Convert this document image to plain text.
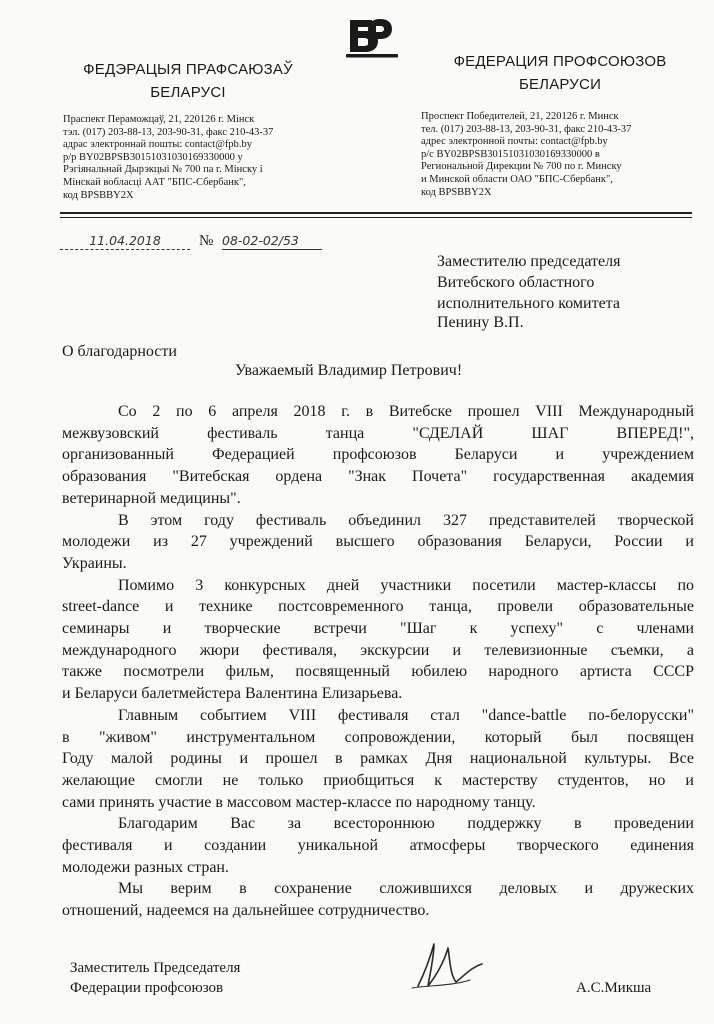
ФЕДЭРАЦЫЯ ПРАФСАЮЗАЎ
БЕЛАРУСІ
ФЕДЕРАЦИЯ ПРОФСОЮЗОВ
БЕЛАРУСИ
Праспект Пераможцаў, 21, 220126 г. Мінск
тэл. (017) 203-88-13, 203-90-31, факс 210-43-37
адрас электроннай пошты: contact@fpb.by
р/р BY02BPSB30151031030169330000 у
Рэгіянальнай Дырэкцыі № 700 па г. Мінску і
Мінскай вобласці ААТ "БПС-Сбербанк",
код BPSBBY2X
Проспект Победителей, 21, 220126 г. Минск
тел. (017) 203-88-13, 203-90-31, факс 210-43-37
адрес электронной почты: contact@fpb.by
р/с BY02BPSB30151031030169330000 в
Региональной Дирекции № 700 по г. Минску
и Минской области ОАО "БПС-Сбербанк",
код BPSBBY2X
11.04.2018	№ 08-02-02/53
Заместителю председателя
Витебского областного
исполнительного комитета
Пенину В.П.
О благодарности
Уважаемый Владимир Петрович!

Со 2 по 6 апреля 2018 г. в Витебске прошел VIII Международный
межвузовский фестиваль танца "СДЕЛАЙ ШАГ ВПЕРЕД!",
организованный Федерацией профсоюзов Беларуси и учреждением
образования "Витебская ордена "Знак Почета" государственная академия
ветеринарной медицины".

В этом году фестиваль объединил 327 представителей творческой
молодежи из 27 учреждений высшего образования Беларуси, России и
Украины.

Помимо 3 конкурсных дней участники посетили мастер-классы по
street-dance и технике постсовременного танца, провели образовательные
семинары и творческие встречи "Шаг к успеху" с членами
международного жюри фестиваля, экскурсии и телевизионные съемки, а
также посмотрели фильм, посвященный юбилею народного артиста СССР
и Беларуси балетмейстера Валентина Елизарьева.

Главным событием VIII фестиваля стал "dance-battle по-белорусски"
в "живом" инструментальном сопровождении, который был посвящен
Году малой родины и прошел в рамках Дня национальной культуры. Все
желающие смогли не только приобщиться к мастерству студентов, но и
сами принять участие в массовом мастер-классе по народному танцу.

Благодарим Вас за всестороннюю поддержку в проведении
фестиваля и создании уникальной атмосферы творческого единения
молодежи разных стран.

Мы верим в сохранение сложившихся деловых и дружеских
отношений, надеемся на дальнейшее сотрудничество.

Заместитель Председателя
Федерации профсоюзов	А.С.Микша
